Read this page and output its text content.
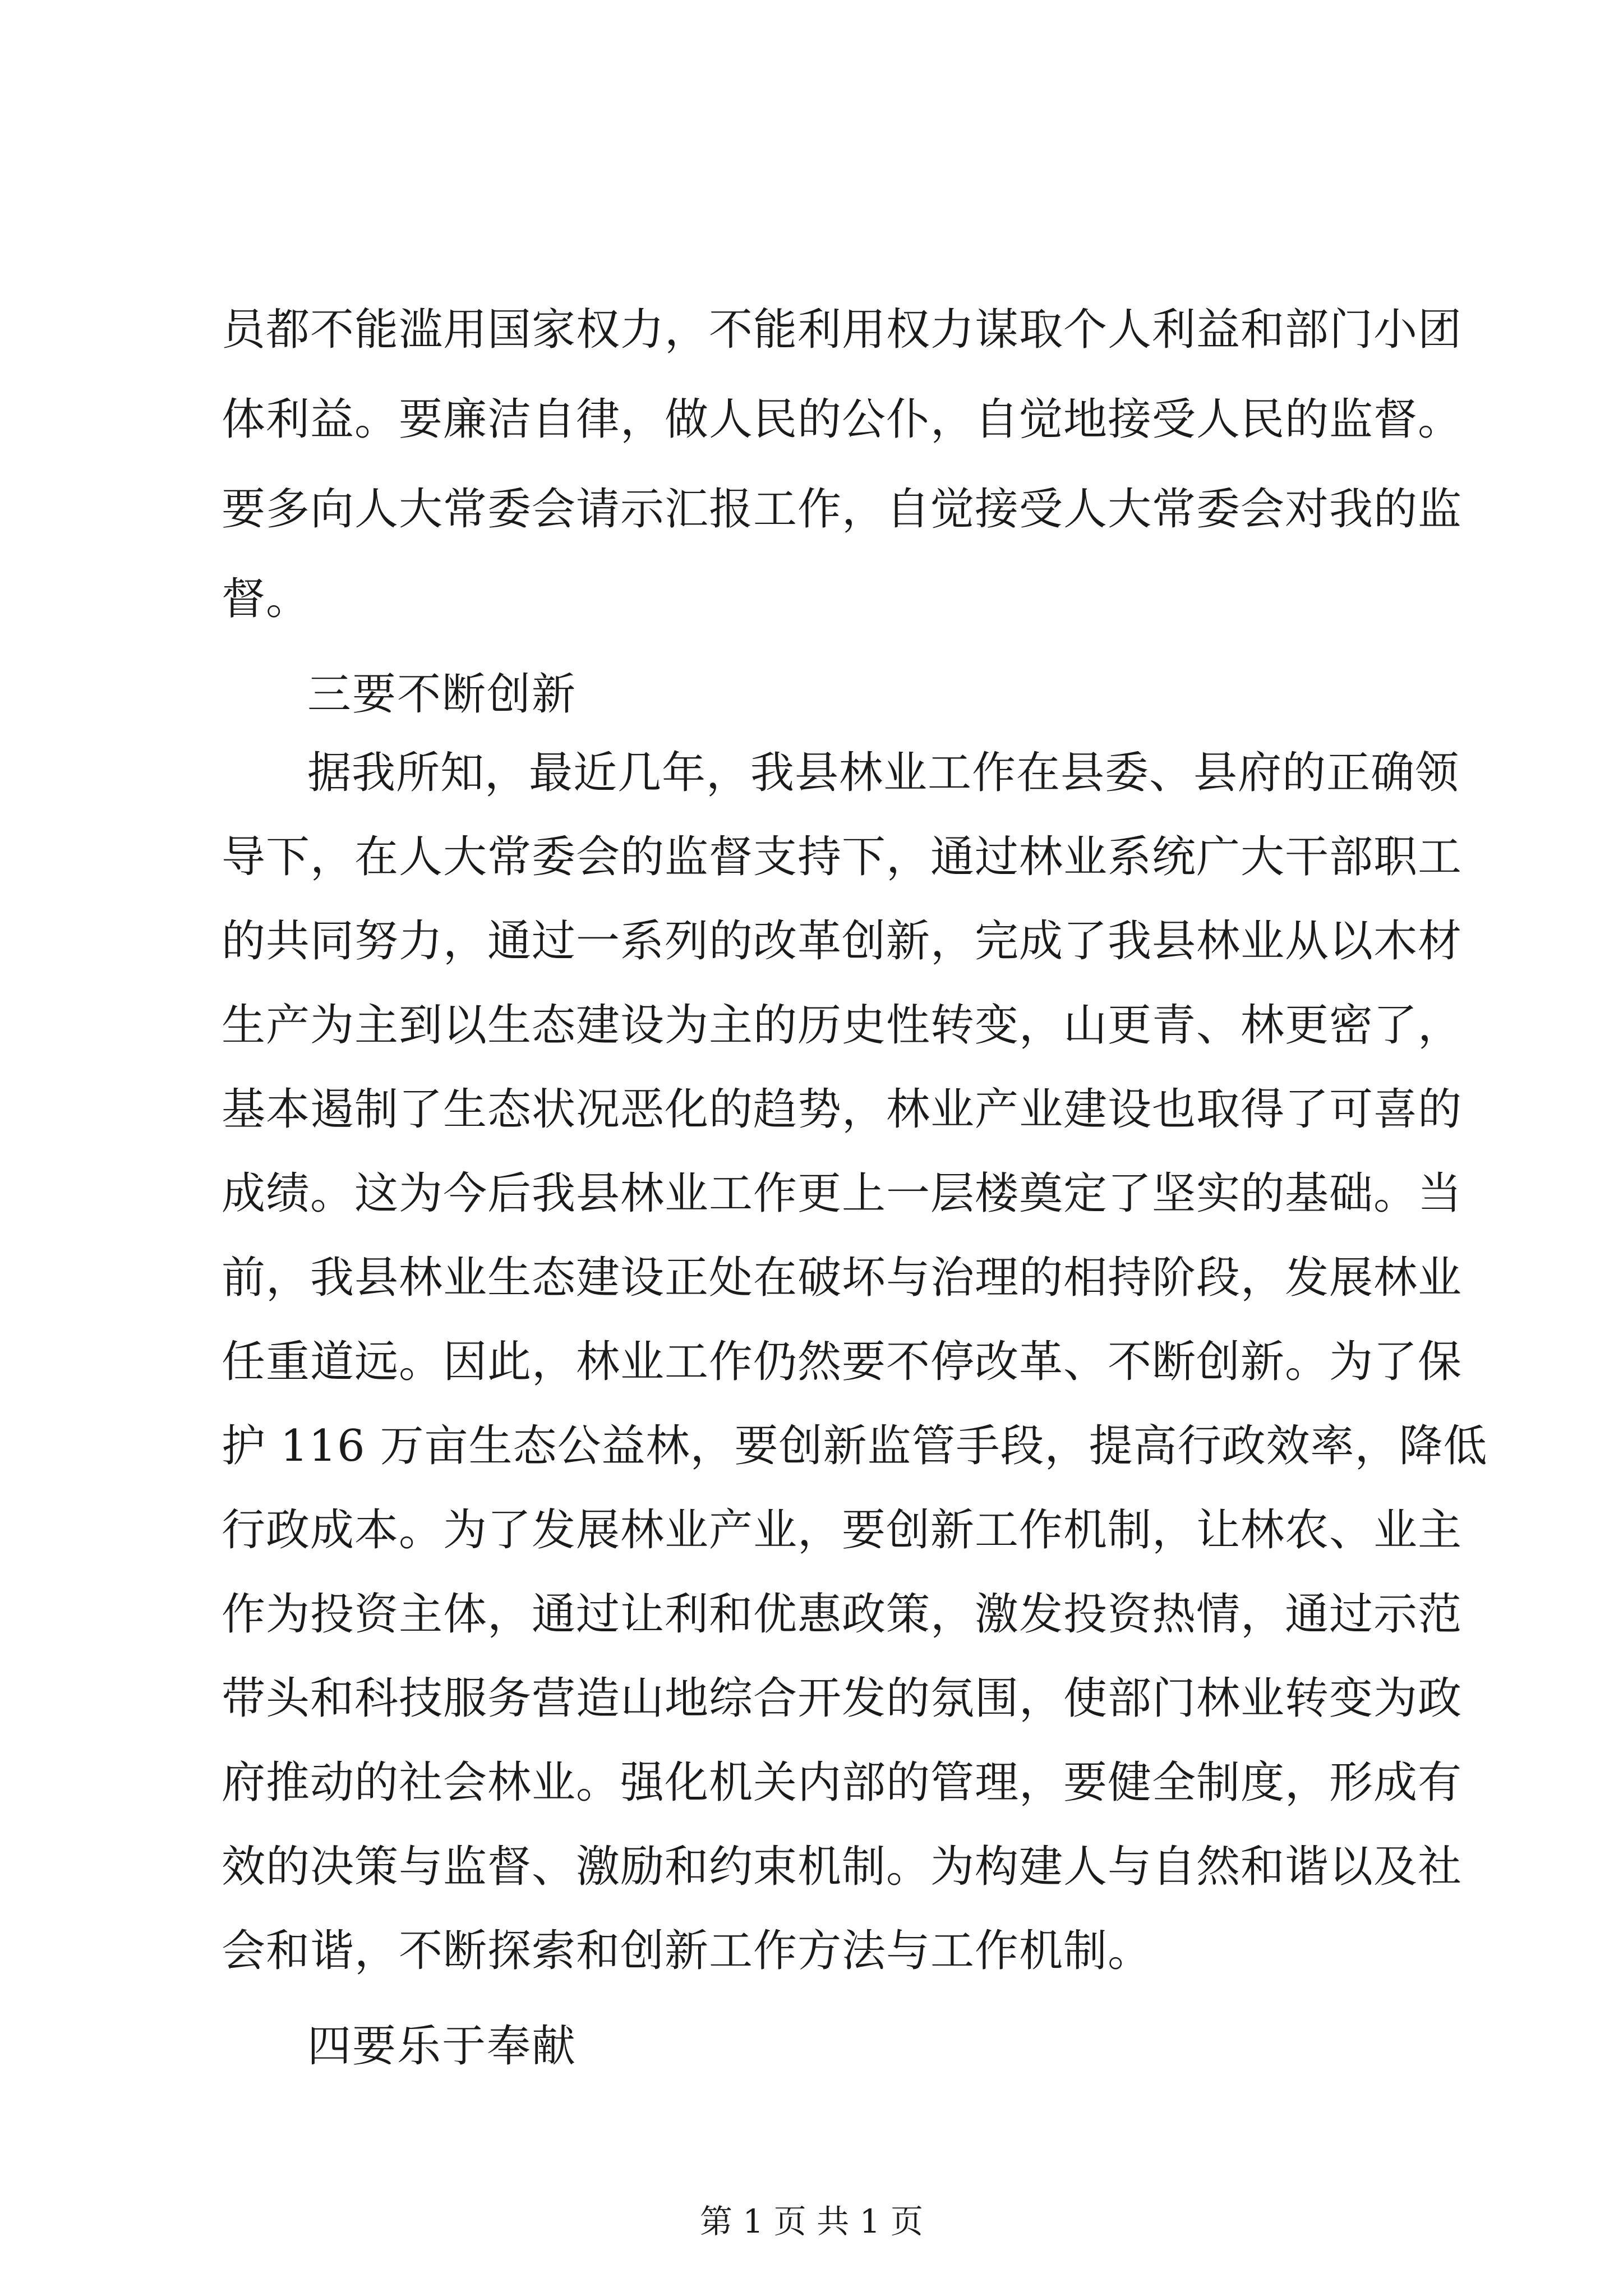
员都不能滥用国家权力，不能利用权力谋取个人利益和部门小团
体利益。要廉洁自律，做人民的公仆，自觉地接受人民的监督。
要多向人大常委会请示汇报工作，自觉接受人大常委会对我的监
督。
三要不断创新
据我所知，最近几年，我县林业工作在县委、县府的正确领
导下，在人大常委会的监督支持下，通过林业系统广大干部职工
的共同努力，通过一系列的改革创新，完成了我县林业从以木材
生产为主到以生态建设为主的历史性转变，山更青、林更密了，
基本遏制了生态状况恶化的趋势，林业产业建设也取得了可喜的
成绩。这为今后我县林业工作更上一层楼奠定了坚实的基础。当
前，我县林业生态建设正处在破坏与治理的相持阶段，发展林业
任重道远。因此，林业工作仍然要不停改革、不断创新。为了保
护 116 万亩生态公益林，要创新监管手段，提高行政效率，降低
行政成本。为了发展林业产业，要创新工作机制，让林农、业主
作为投资主体，通过让利和优惠政策，激发投资热情，通过示范
带头和科技服务营造山地综合开发的氛围，使部门林业转变为政
府推动的社会林业。强化机关内部的管理，要健全制度，形成有
效的决策与监督、激励和约束机制。为构建人与自然和谐以及社
会和谐，不断探索和创新工作方法与工作机制。
四要乐于奉献
第 1 页 共 1 页
